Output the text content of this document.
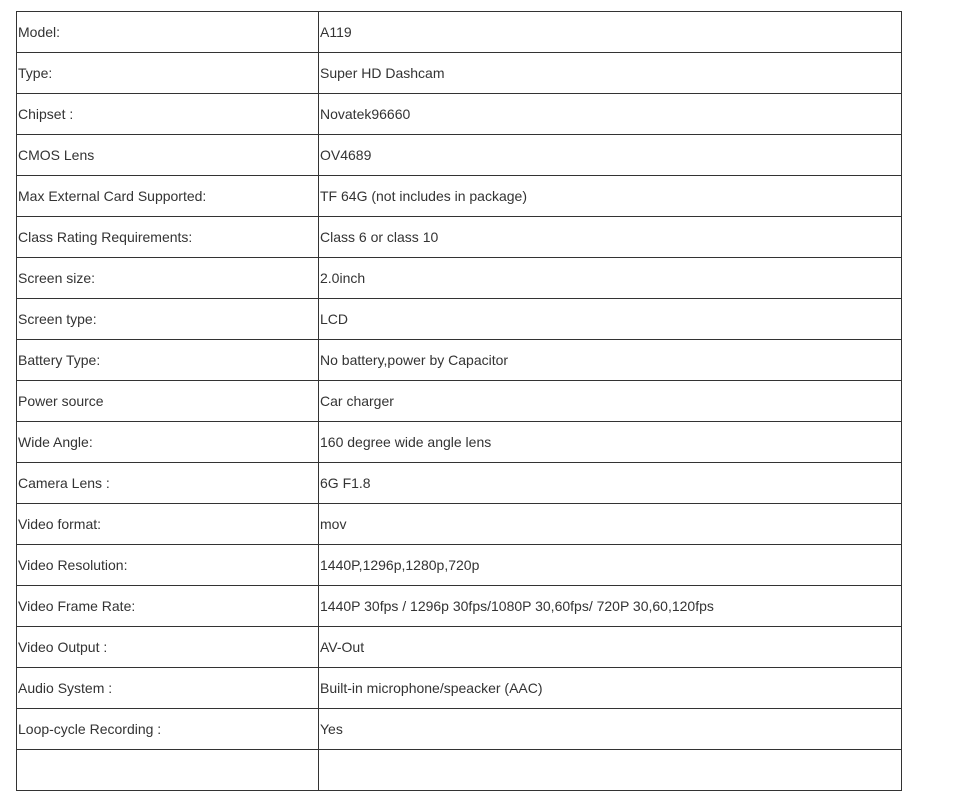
Model:	A119
Type:	Super HD Dashcam
Chipset :	Novatek96660
CMOS Lens	OV4689
Max External Card Supported:	TF 64G (not includes in package)
Class Rating Requirements:	Class 6 or class 10
Screen size:	2.0inch
Screen type:	LCD
Battery Type:	No battery,power by Capacitor
Power source	Car charger
Wide Angle:	160 degree wide angle lens
Camera Lens :	6G F1.8
Video format:	mov
Video Resolution:	1440P,1296p,1280p,720p
Video Frame Rate:	1440P 30fps / 1296p 30fps/1080P 30,60fps/ 720P 30,60,120fps
Video Output :	AV-Out
Audio System :	Built-in microphone/speacker (AAC)
Loop-cycle Recording :	Yes
